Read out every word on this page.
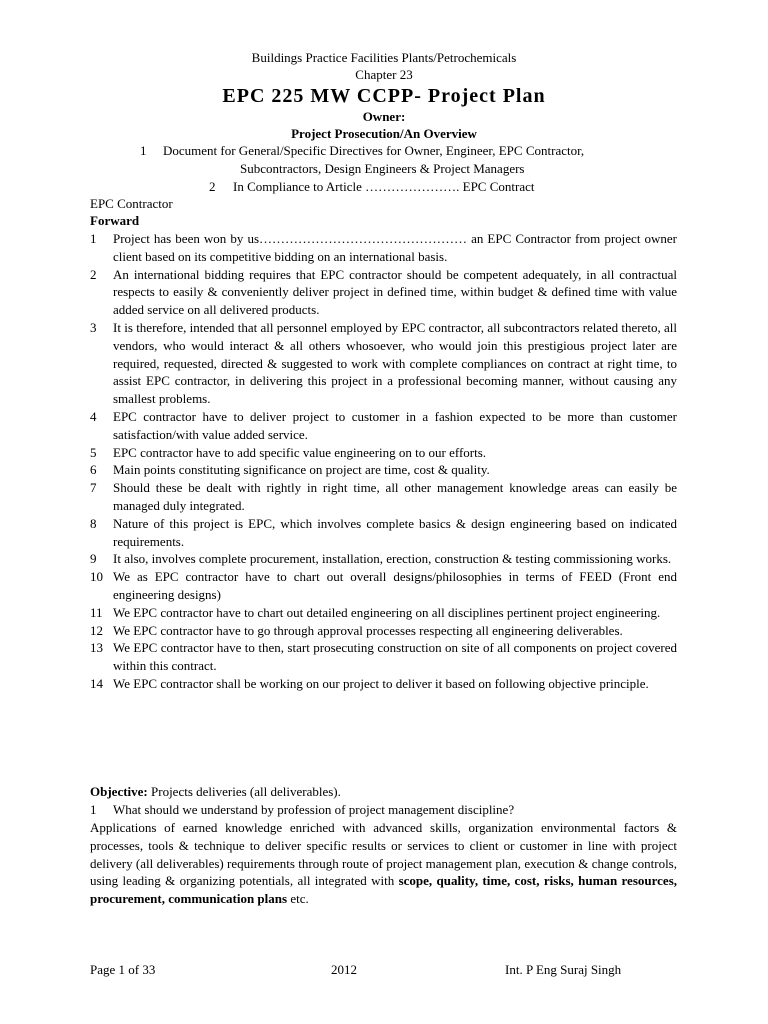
Buildings Practice Facilities Plants/Petrochemicals
Chapter 23
EPC 225 MW CCPP- Project Plan
Owner:
Project Prosecution/An Overview
1 Document for General/Specific Directives for Owner, Engineer, EPC Contractor,
Subcontractors, Design Engineers & Project Managers
2 In Compliance to Article …………………. EPC Contract
EPC Contractor
Forward
1 Project has been won by us………………………………………… an EPC Contractor from project owner client based on its competitive bidding on an international basis.
2 An international bidding requires that EPC contractor should be competent adequately, in all contractual respects to easily & conveniently deliver project in defined time, within budget & defined time with value added service on all delivered products.
3 It is therefore, intended that all personnel employed by EPC contractor, all subcontractors related thereto, all vendors, who would interact & all others whosoever, who would join this prestigious project later are required, requested, directed & suggested to work with complete compliances on contract at right time, to assist EPC contractor, in delivering this project in a professional becoming manner, without causing any smallest problems.
4 EPC contractor have to deliver project to customer in a fashion expected to be more than customer satisfaction/with value added service.
5 EPC contractor have to add specific value engineering on to our efforts.
6 Main points constituting significance on project are time, cost & quality.
7 Should these be dealt with rightly in right time, all other management knowledge areas can easily be managed duly integrated.
8 Nature of this project is EPC, which involves complete basics & design engineering based on indicated requirements.
9 It also, involves complete procurement, installation, erection, construction & testing commissioning works.
10 We as EPC contractor have to chart out overall designs/philosophies in terms of FEED (Front end engineering designs)
11 We EPC contractor have to chart out detailed engineering on all disciplines pertinent project engineering.
12 We EPC contractor have to go through approval processes respecting all engineering deliverables.
13 We EPC contractor have to then, start prosecuting construction on site of all components on project covered within this contract.
14 We EPC contractor shall be working on our project to deliver it based on following objective principle.
Objective: Projects deliveries (all deliverables).
1 What should we understand by profession of project management discipline?
Applications of earned knowledge enriched with advanced skills, organization environmental factors & processes, tools & technique to deliver specific results or services to client or customer in line with project delivery (all deliverables) requirements through route of project management plan, execution & change controls, using leading & organizing potentials, all integrated with scope, quality, time, cost, risks, human resources, procurement, communication plans etc.
Page 1 of 33	2012	Int. P Eng Suraj Singh
